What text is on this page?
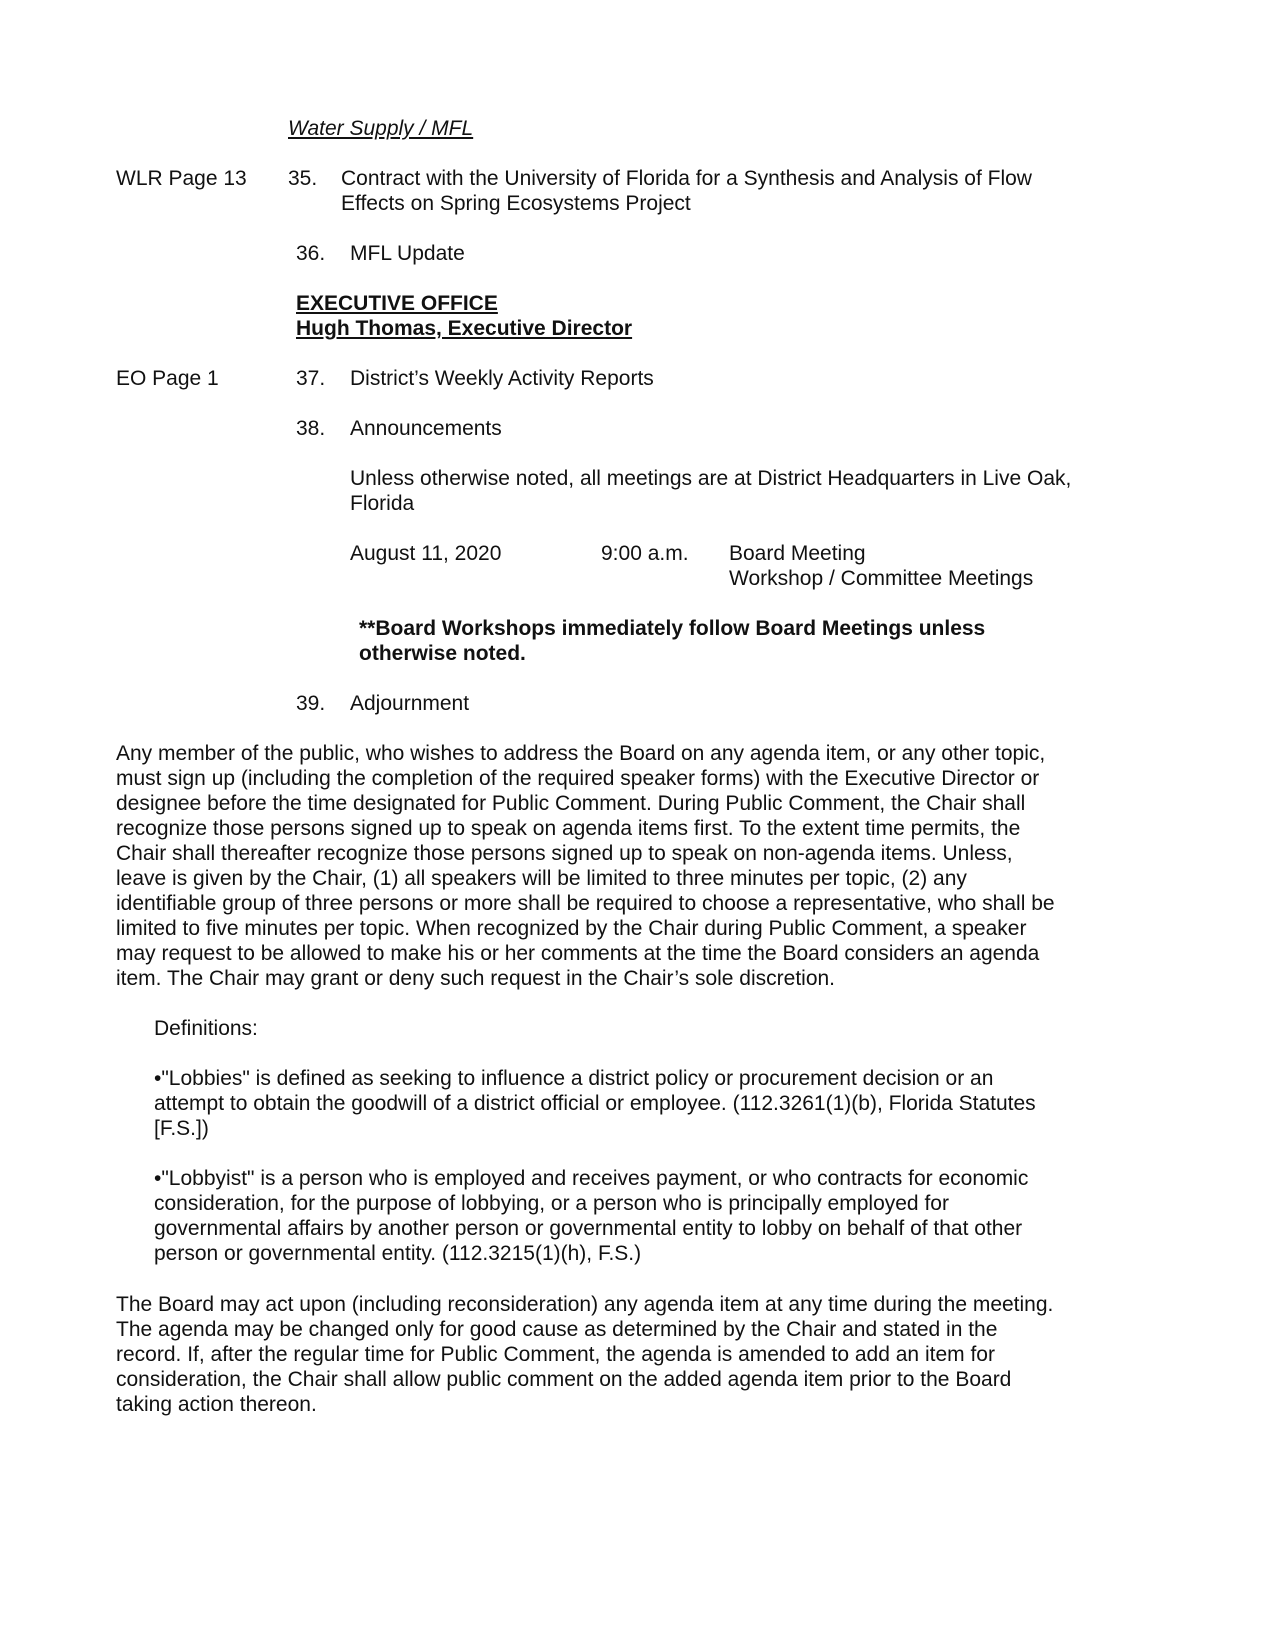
Water Supply / MFL
WLR Page 13 35. Contract with the University of Florida for a Synthesis and Analysis of Flow
Effects on Spring Ecosystems Project
36. MFL Update
EXECUTIVE OFFICE
Hugh Thomas, Executive Director
EO Page 1	37. District’s Weekly Activity Reports
38. Announcements
Unless otherwise noted, all meetings are at District Headquarters in Live Oak,
Florida
August 11, 2020	9:00 a.m. Board Meeting
Workshop / Committee Meetings
**Board Workshops immediately follow Board Meetings unless
otherwise noted.
39. Adjournment
Any member of the public, who wishes to address the Board on any agenda item, or any other topic,
must sign up (including the completion of the required speaker forms) with the Executive Director or
designee before the time designated for Public Comment. During Public Comment, the Chair shall
recognize those persons signed up to speak on agenda items first. To the extent time permits, the
Chair shall thereafter recognize those persons signed up to speak on non-agenda items. Unless,
leave is given by the Chair, (1) all speakers will be limited to three minutes per topic, (2) any
identifiable group of three persons or more shall be required to choose a representative, who shall be
limited to five minutes per topic. When recognized by the Chair during Public Comment, a speaker
may request to be allowed to make his or her comments at the time the Board considers an agenda
item. The Chair may grant or deny such request in the Chair’s sole discretion.
Definitions:
•"Lobbies" is defined as seeking to influence a district policy or procurement decision or an
attempt to obtain the goodwill of a district official or employee. (112.3261(1)(b), Florida Statutes
[F.S.])
•"Lobbyist" is a person who is employed and receives payment, or who contracts for economic
consideration, for the purpose of lobbying, or a person who is principally employed for
governmental affairs by another person or governmental entity to lobby on behalf of that other
person or governmental entity. (112.3215(1)(h), F.S.)
The Board may act upon (including reconsideration) any agenda item at any time during the meeting.
The agenda may be changed only for good cause as determined by the Chair and stated in the
record. If, after the regular time for Public Comment, the agenda is amended to add an item for
consideration, the Chair shall allow public comment on the added agenda item prior to the Board
taking action thereon.
